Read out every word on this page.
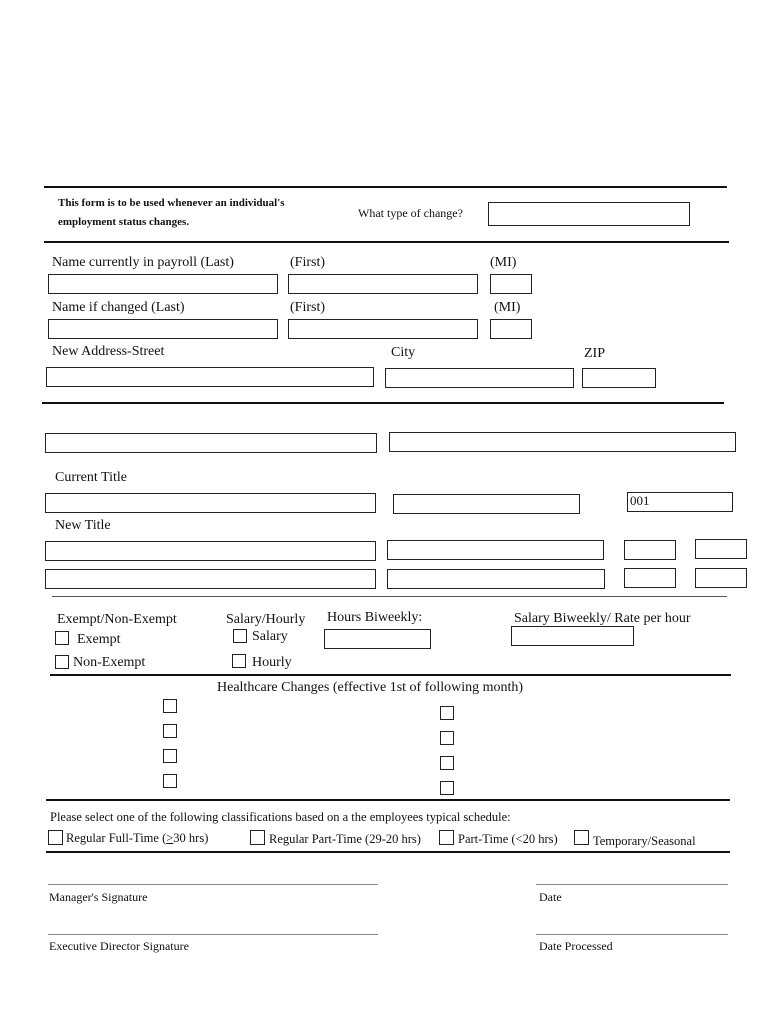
This form is to be used whenever an individual's
employment status changes.
What type of change?
Name currently in payroll (Last)	(First)	(MI)
Name if changed (Last)	(First)	(MI)
New Address-Street	City	ZIP
Current Title
001
New Title
Exempt/Non-Exempt
Exempt
Non-Exempt
Salary/Hourly
Salary
Hourly
Hours Biweekly:	Salary Biweekly/ Rate per hour
Healthcare Changes (effective 1st of following month)
Please select one of the following classifications based on a the employees typical schedule:
Regular Full-Time (>30 hrs)	Regular Part-Time (29-20 hrs)	Part-Time (<20 hrs)	Temporary/Seasonal
Manager's Signature	Date
Executive Director Signature	Date Processed
